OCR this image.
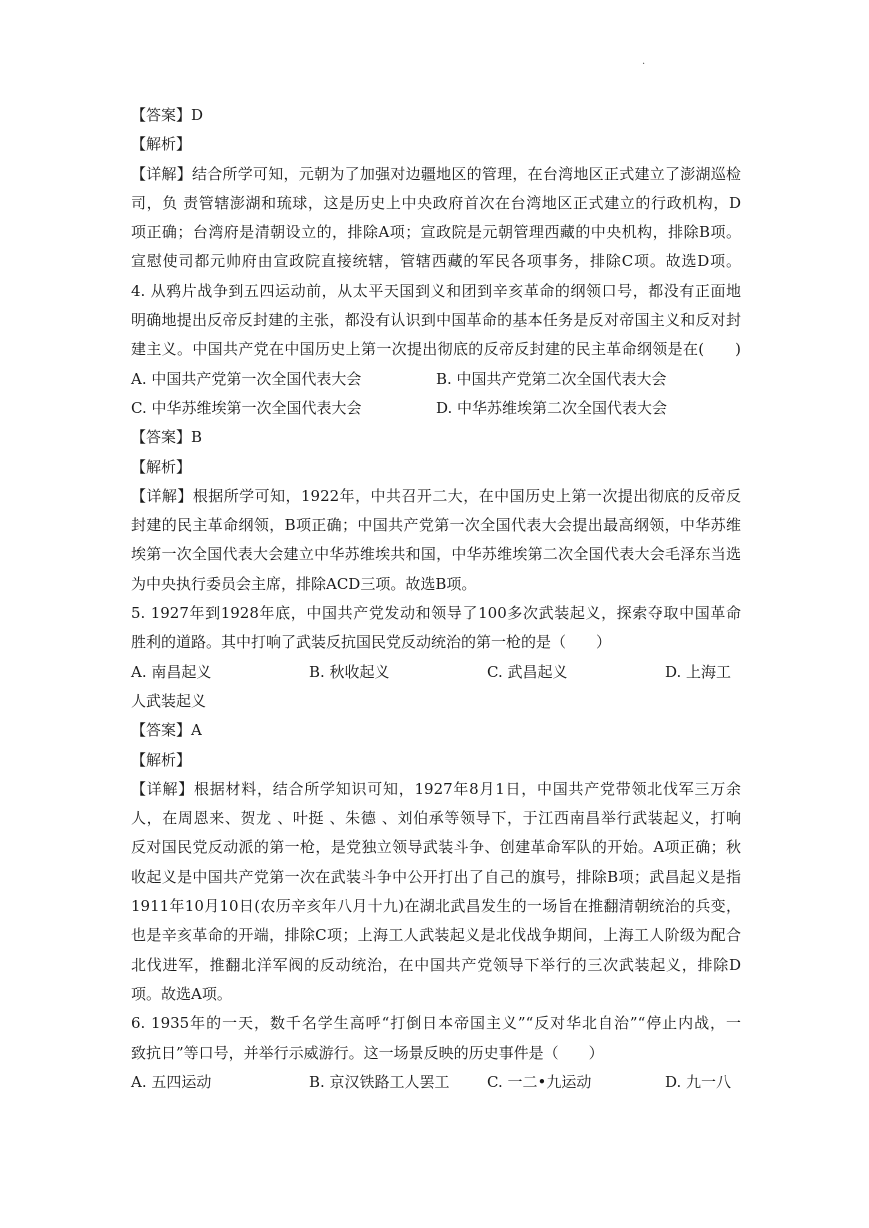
.
【答案】D
【解析】
【详解】结合所学可知，元朝为了加强对边疆地区的管理，在台湾地区正式建立了澎湖巡检
司，负 责管辖澎湖和琉球，这是历史上中央政府首次在台湾地区正式建立的行政机构，D
项正确；台湾府是清朝设立的，排除A项；宣政院是元朝管理西藏的中央机构，排除B项。
宣慰使司都元帅府由宣政院直接统辖，管辖西藏的军民各项事务，排除C项。故选D项。
4. 从鸦片战争到五四运动前，从太平天国到义和团到辛亥革命的纲领口号，都没有正面地
明确地提出反帝反封建的主张，都没有认识到中国革命的基本任务是反对帝国主义和反对封
建主义。中国共产党在中国历史上第一次提出彻底的反帝反封建的民主革命纲领是在(　　)
A. 中国共产党第一次全国代表大会	B. 中国共产党第二次全国代表大会
C. 中华苏维埃第一次全国代表大会	D. 中华苏维埃第二次全国代表大会
【答案】B
【解析】
【详解】根据所学可知，1922年，中共召开二大，在中国历史上第一次提出彻底的反帝反
封建的民主革命纲领，B项正确；中国共产党第一次全国代表大会提出最高纲领，中华苏维
埃第一次全国代表大会建立中华苏维埃共和国，中华苏维埃第二次全国代表大会毛泽东当选
为中央执行委员会主席，排除ACD三项。故选B项。
5. 1927年到1928年底，中国共产党发动和领导了100多次武装起义，探索夺取中国革命
胜利的道路。其中打响了武装反抗国民党反动统治的第一枪的是（　　）
A. 南昌起义	B. 秋收起义	C. 武昌起义	D. 上海工
人武装起义
【答案】A
【解析】
【详解】根据材料，结合所学知识可知，1927年8月1日，中国共产党带领北伐军三万余
人，在周恩来、贺龙 、叶挺 、朱德 、刘伯承等领导下，于江西南昌举行武装起义，打响
反对国民党反动派的第一枪，是党独立领导武装斗争、创建革命军队的开始。A项正确；秋
收起义是中国共产党第一次在武装斗争中公开打出了自己的旗号，排除B项；武昌起义是指
1911年10月10日(农历辛亥年八月十九)在湖北武昌发生的一场旨在推翻清朝统治的兵变，
也是辛亥革命的开端，排除C项；上海工人武装起义是北伐战争期间，上海工人阶级为配合
北伐进军，推翻北洋军阀的反动统治，在中国共产党领导下举行的三次武装起义，排除D
项。故选A项。
6. 1935年的一天，数千名学生高呼“打倒日本帝国主义”“反对华北自治”“停止内战，一
致抗日”等口号，并举行示威游行。这一场景反映的历史事件是（　　）
A. 五四运动	B. 京汉铁路工人罢工	C. 一二•九运动	D. 九一八
